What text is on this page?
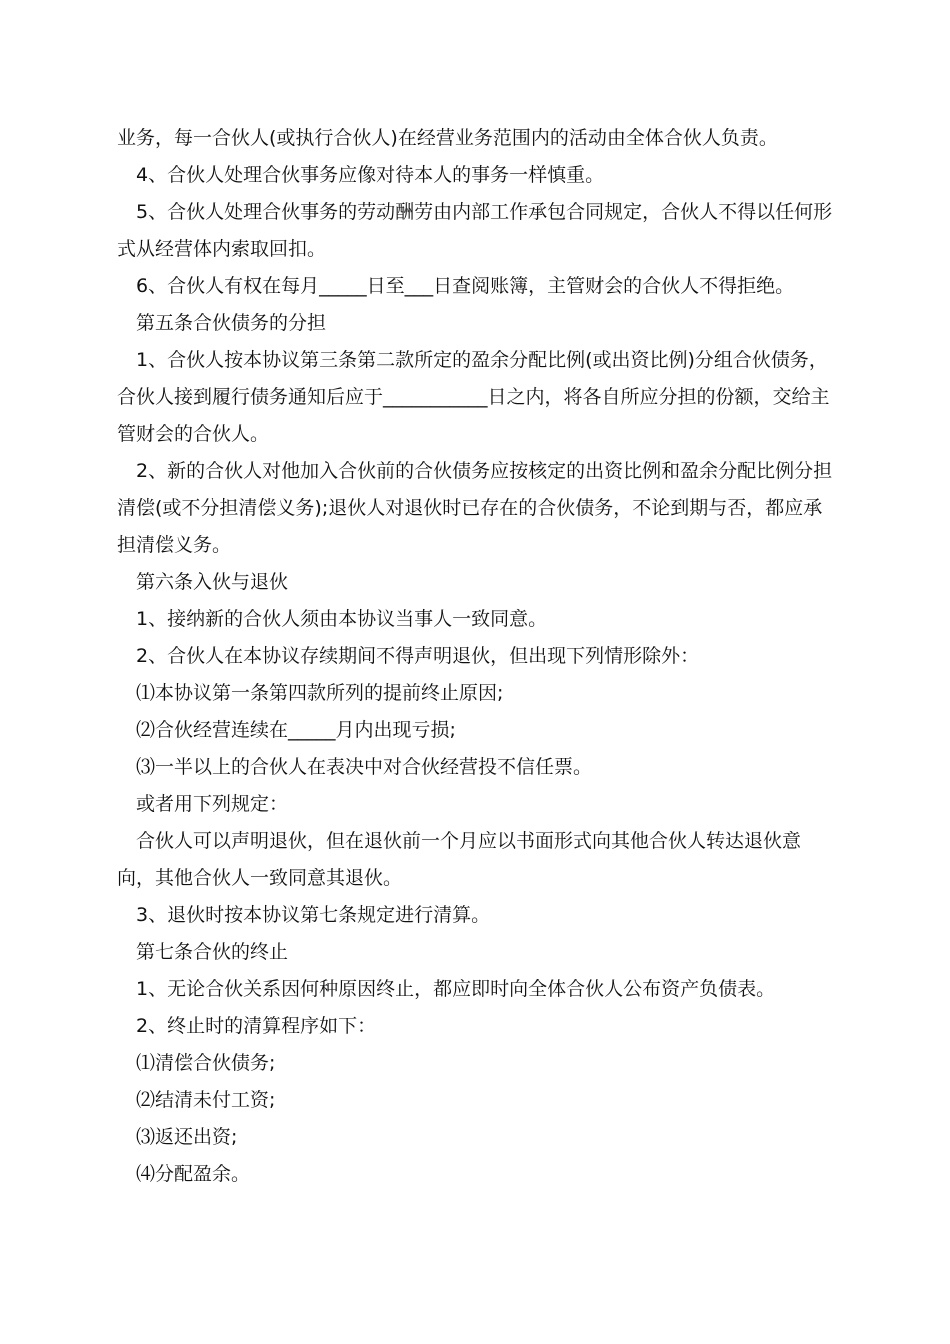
业务，每一合伙人(或执行合伙人)在经营业务范围内的活动由全体合伙人负责。

4、合伙人处理合伙事务应像对待本人的事务一样慎重。

5、合伙人处理合伙事务的劳动酬劳由内部工作承包合同规定，合伙人不得以任何形式从经营体内索取回扣。

6、合伙人有权在每月_____日至___日查阅账簿，主管财会的合伙人不得拒绝。

第五条合伙债务的分担

1、合伙人按本协议第三条第二款所定的盈余分配比例(或出资比例)分组合伙债务，合伙人接到履行债务通知后应于___________日之内，将各自所应分担的份额，交给主管财会的合伙人。

2、新的合伙人对他加入合伙前的合伙债务应按核定的出资比例和盈余分配比例分担清偿(或不分担清偿义务);退伙人对退伙时已存在的合伙债务，不论到期与否，都应承担清偿义务。

第六条入伙与退伙

1、接纳新的合伙人须由本协议当事人一致同意。

2、合伙人在本协议存续期间不得声明退伙，但出现下列情形除外：

⑴本协议第一条第四款所列的提前终止原因;

⑵合伙经营连续在_____月内出现亏损;

⑶一半以上的合伙人在表决中对合伙经营投不信任票。

或者用下列规定：

合伙人可以声明退伙，但在退伙前一个月应以书面形式向其他合伙人转达退伙意向，其他合伙人一致同意其退伙。

3、退伙时按本协议第七条规定进行清算。

第七条合伙的终止

1、无论合伙关系因何种原因终止，都应即时向全体合伙人公布资产负债表。

2、终止时的清算程序如下：

⑴清偿合伙债务;

⑵结清未付工资;

⑶返还出资;

⑷分配盈余。
